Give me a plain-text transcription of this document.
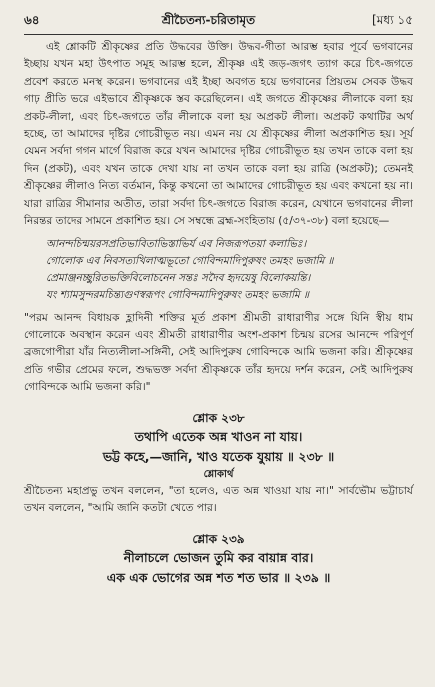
৬৪	শ্রীচৈতন্য-চরিতামৃত	[মধ্য ১৫

এই শ্লোকটি শ্রীকৃষ্ণের প্রতি উদ্ধবের উক্তি। উদ্ধব-গীতা আরম্ভ হবার পূর্বে ভগবানের ইচ্ছায় যখন মহা উৎপাত সমূহ আরম্ভ হলে, শ্রীকৃষ্ণ এই জড়-জগৎ ত্যাগ করে চিৎ-জগতে প্রবেশ করতে মনস্থ করেন। ভগবানের এই ইচ্ছা অবগত হয়ে ভগবানের প্রিয়তম সেবক উদ্ধব গাঢ় প্রীতি ভরে এইভাবে শ্রীকৃষ্ণকে স্তব করেছিলেন। এই জগতে শ্রীকৃষ্ণের লীলাকে বলা হয় প্রকট-লীলা, এবং চিৎ-জগতে তাঁর লীলাকে বলা হয় অপ্রকট লীলা। অপ্রকট কথাটির অর্থ হচ্ছে, তা আমাদের দৃষ্টির গোচরীভূত নয়। এমন নয় যে শ্রীকৃষ্ণের লীলা অপ্রকাশিত হয়। সূর্য যেমন সর্বদা গগন মার্গে বিরাজ করে যখন আমাদের দৃষ্টির গোচরীভূত হয় তখন তাকে বলা হয় দিন (প্রকট), এবং যখন তাকে দেখা যায় না তখন তাকে বলা হয় রাত্রি (অপ্রকট); তেমনই শ্রীকৃষ্ণের লীলাও নিত্য বর্তমান, কিন্তু কখনো তা আমাদের গোচরীভূত হয় এবং কখনো হয় না। যারা রাত্রির সীমানার অতীত, তারা সর্বদা চিৎ-জগতে বিরাজ করেন, যেখানে ভগবানের লীলা নিরন্তর তাদের সামনে প্রকাশিত হয়। সে সম্বন্ধে ব্রহ্ম-সংহিতায় (৫/৩৭-৩৮) বলা হয়েছে—

আনন্দচিন্ময়রসপ্রতিভাবিতাভিস্তাভির্য এব নিজরূপতয়া কলাভিঃ।
গোলোক এব নিবসত্যখিলাত্মভূতো গোবিন্দমাদিপুরুষং তমহং ভজামি ॥
প্রেমাঞ্জনচ্ছুরিতভক্তিবিলোচনেন সন্তঃ সদৈব হৃদয়েষু বিলোকয়ন্তি।
যং শ্যামসুন্দরমচিন্ত্যগুণস্বরূপং গোবিন্দমাদিপুরুষং তমহং ভজামি ॥

"পরম আনন্দ বিধায়ক হ্লাদিনী শক্তির মূর্ত প্রকাশ শ্রীমতী রাধারাণীর সঙ্গে যিনি স্বীয় ধাম গোলোকে অবস্থান করেন এবং শ্রীমতী রাধারাণীর অংশ-প্রকাশ চিন্ময় রসের আনন্দে পরিপূর্ণ ব্রজগোপীরা যাঁর নিত্যলীলা-সঙ্গিনী, সেই আদিপুরুষ গোবিন্দকে আমি ভজনা করি। শ্রীকৃষ্ণের প্রতি গভীর প্রেমের ফলে, শুদ্ধভক্ত সর্বদা শ্রীকৃষ্ণকে তাঁর হৃদয়ে দর্শন করেন, সেই আদিপুরুষ গোবিন্দকে আমি ভজনা করি।"

শ্লোক ২৩৮
তথাপি এতেক অন্ন খাওন না যায়।
ভট্ট কহে,—জানি, খাও যতেক যুয়ায় ॥ ২৩৮ ॥
শ্লোকার্থ

শ্রীচৈতন্য মহাপ্রভু তখন বললেন, "তা হলেও, এত অন্ন খাওয়া যায় না।" সার্বভৌম ভট্টাচার্য তখন বললেন, "আমি জানি কতটা খেতে পার।

শ্লোক ২৩৯
নীলাচলে ভোজন তুমি কর বায়ান্ন বার।
এক এক ভোগের অন্ন শত শত ভার ॥ ২৩৯ ॥
